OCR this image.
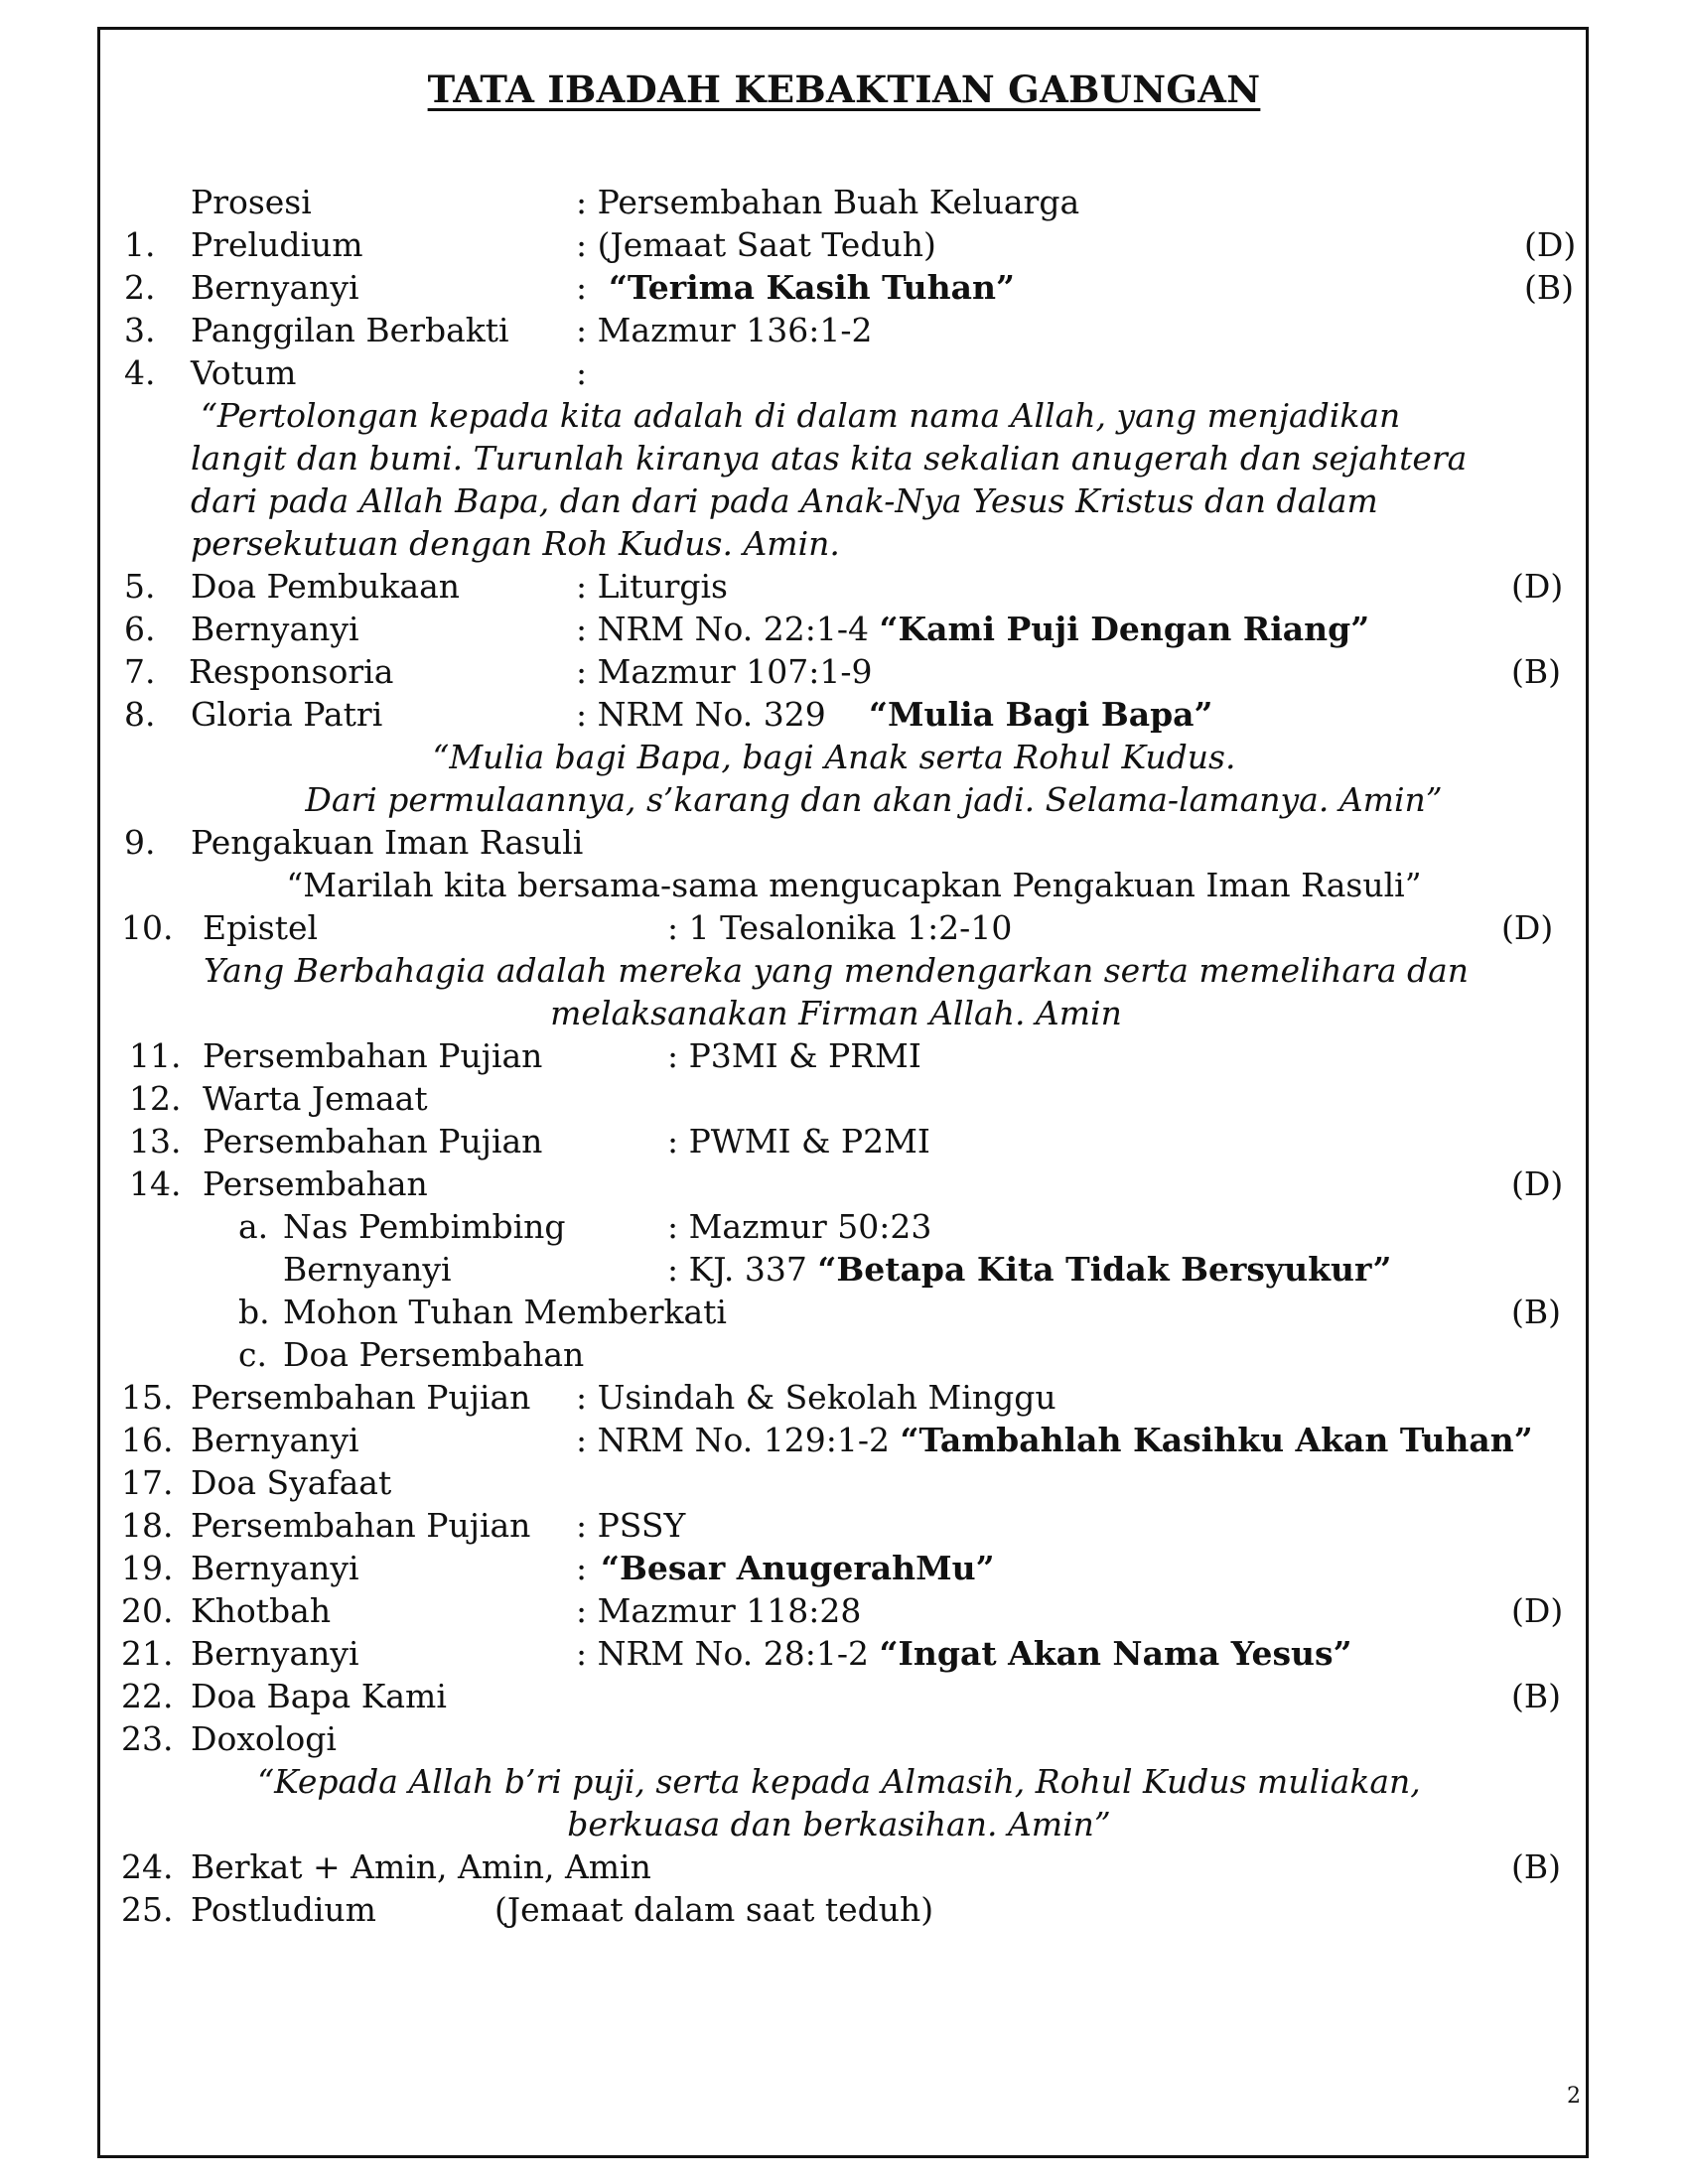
TATA IBADAH KEBAKTIAN GABUNGAN
Prosesi	: Persembahan Buah Keluarga
1. Preludium	: (Jemaat Saat Teduh)	(D)
2. Bernyanyi	: “Terima Kasih Tuhan”	(B)
3. Panggilan Berbakti : Mazmur 136:1-2
4. Votum	:
“Pertolongan kepada kita adalah di dalam nama Allah, yang menjadikan
langit dan bumi. Turunlah kiranya atas kita sekalian anugerah dan sejahtera
dari pada Allah Bapa, dan dari pada Anak-Nya Yesus Kristus dan dalam
persekutuan dengan Roh Kudus. Amin.
5. Doa Pembukaan	: Liturgis	(D)
6. Bernyanyi	: NRM No. 22:1-4 “Kami Puji Dengan Riang”
7. Responsoria	: Mazmur 107:1-9	(B)
8. Gloria Patri	: NRM No. 329 “Mulia Bagi Bapa”
“Mulia bagi Bapa, bagi Anak serta Rohul Kudus.
Dari permulaannya, s’karang dan akan jadi. Selama-lamanya. Amin”
9. Pengakuan Iman Rasuli
“Marilah kita bersama-sama mengucapkan Pengakuan Iman Rasuli”
10. Epistel	: 1 Tesalonika 1:2-10	(D)
Yang Berbahagia adalah mereka yang mendengarkan serta memelihara dan
melaksanakan Firman Allah. Amin
11. Persembahan Pujian	: P3MI & PRMI
12. Warta Jemaat
13. Persembahan Pujian	: PWMI & P2MI
14. Persembahan	(D)
a. Nas Pembimbing	: Mazmur 50:23
Bernyanyi	: KJ. 337 “Betapa Kita Tidak Bersyukur”
b. Mohon Tuhan Memberkati	(B)
c. Doa Persembahan
15. Persembahan Pujian : Usindah & Sekolah Minggu
16. Bernyanyi	: NRM No. 129:1-2 “Tambahlah Kasihku Akan Tuhan”
17. Doa Syafaat
18. Persembahan Pujian : PSSY
19. Bernyanyi	: “Besar AnugerahMu”
20. Khotbah	: Mazmur 118:28	(D)
21. Bernyanyi	: NRM No. 28:1-2 “Ingat Akan Nama Yesus”
22. Doa Bapa Kami	(B)
23. Doxologi
“Kepada Allah b’ri puji, serta kepada Almasih, Rohul Kudus muliakan,
berkuasa dan berkasihan. Amin”
24. Berkat + Amin, Amin, Amin	(B)
25. Postludium	(Jemaat dalam saat teduh)
2
